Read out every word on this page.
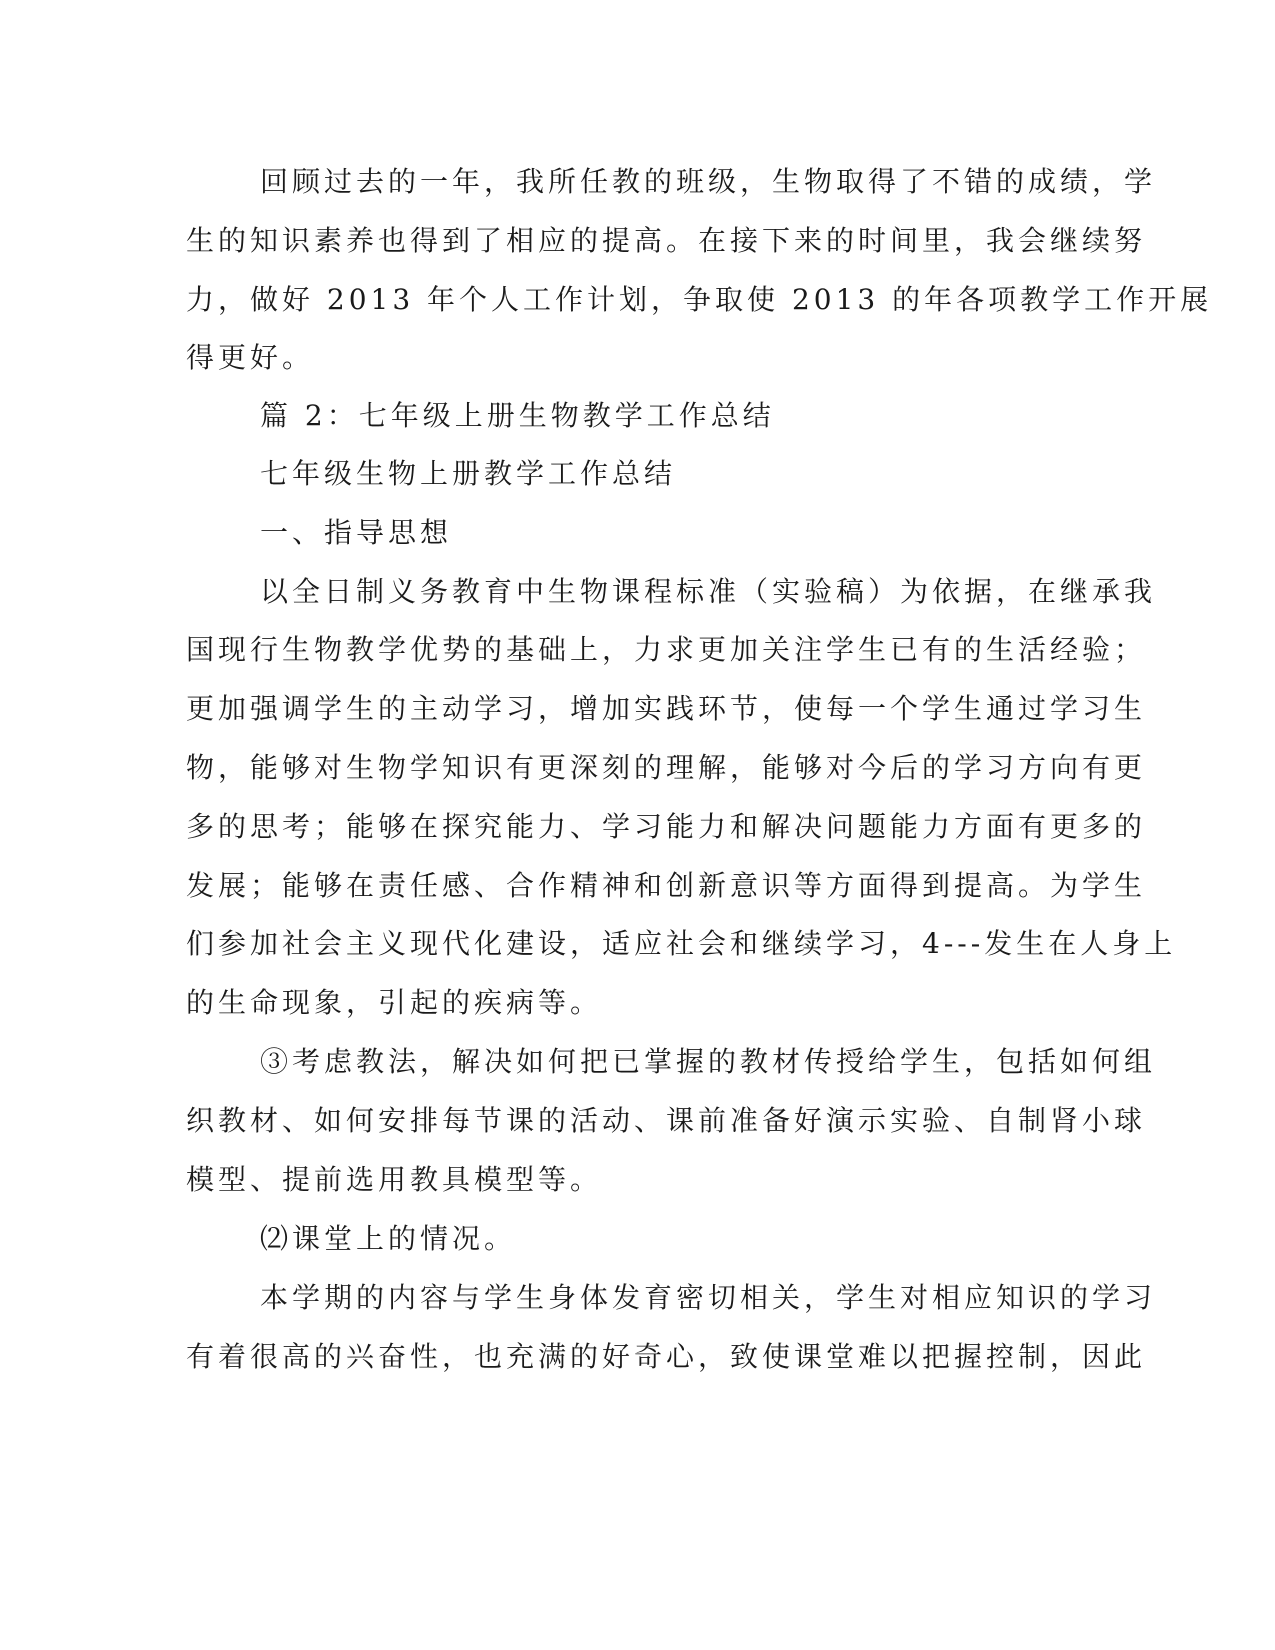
回顾过去的一年，我所任教的班级，生物取得了不错的成绩，学
生的知识素养也得到了相应的提高。在接下来的时间里，我会继续努
力，做好 2013 年个人工作计划，争取使 2013 的年各项教学工作开展
得更好。
篇 2：七年级上册生物教学工作总结
七年级生物上册教学工作总结
一、指导思想
以全日制义务教育中生物课程标准（实验稿）为依据，在继承我
国现行生物教学优势的基础上，力求更加关注学生已有的生活经验；
更加强调学生的主动学习，增加实践环节，使每一个学生通过学习生
物，能够对生物学知识有更深刻的理解，能够对今后的学习方向有更
多的思考；能够在探究能力、学习能力和解决问题能力方面有更多的
发展；能够在责任感、合作精神和创新意识等方面得到提高。为学生
们参加社会主义现代化建设，适应社会和继续学习，4---发生在人身上
的生命现象，引起的疾病等。
③考虑教法，解决如何把已掌握的教材传授给学生，包括如何组
织教材、如何安排每节课的活动、课前准备好演示实验、自制肾小球
模型、提前选用教具模型等。
⑵课堂上的情况。
本学期的内容与学生身体发育密切相关，学生对相应知识的学习
有着很高的兴奋性，也充满的好奇心，致使课堂难以把握控制，因此
